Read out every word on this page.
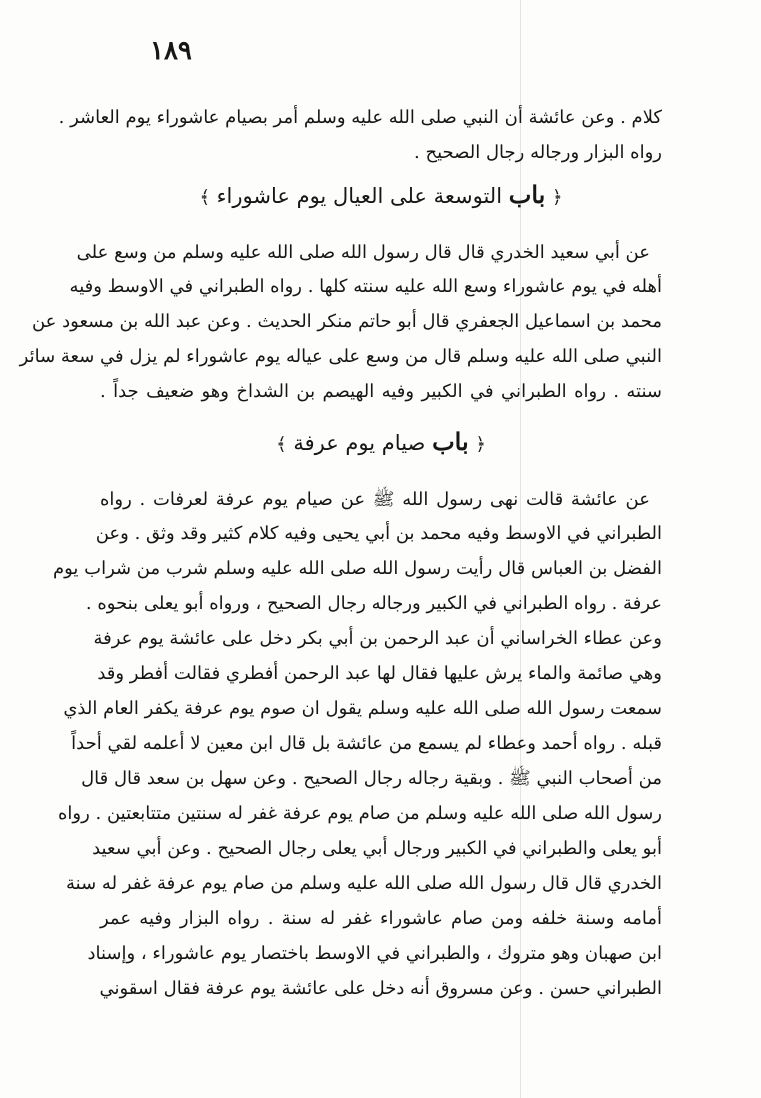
١٨٩
كلام . وعن عائشة أن النبي صلى الله عليه وسلم أمر بصيام عاشوراء يوم العاشر .
رواه البزار ورجاله رجال الصحيح .
﴿ باب التوسعة على العيال يوم عاشوراء ﴾
عن أبي سعيد الخدري قال قال رسول الله صلى الله عليه وسلم من وسع على
أهله في يوم عاشوراء وسع الله عليه سنته كلها . رواه الطبراني في الاوسط وفيه
محمد بن اسماعيل الجعفري قال أبو حاتم منكر الحديث . وعن عبد الله بن مسعود عن
النبي صلى الله عليه وسلم قال من وسع على عياله يوم عاشوراء لم يزل في سعة سائر
سنته . رواه الطبراني في الكبير وفيه الهيصم بن الشداخ وهو ضعيف جداً .
﴿ باب صيام يوم عرفة ﴾
عن عائشة قالت نهى رسول الله ﷺ عن صيام يوم عرفة لعرفات . رواه
الطبراني في الاوسط وفيه محمد بن أبي يحيى وفيه كلام كثير وقد وثق . وعن
الفضل بن العباس قال رأيت رسول الله صلى الله عليه وسلم شرب من شراب يوم
عرفة . رواه الطبراني في الكبير ورجاله رجال الصحيح ، ورواه أبو يعلى بنحوه .
وعن عطاء الخراساني أن عبد الرحمن بن أبي بكر دخل على عائشة يوم عرفة
وهي صائمة والماء يرش عليها فقال لها عبد الرحمن أفطري فقالت أفطر وقد
سمعت رسول الله صلى الله عليه وسلم يقول ان صوم يوم عرفة يكفر العام الذي
قبله . رواه أحمد وعطاء لم يسمع من عائشة بل قال ابن معين لا أعلمه لقي أحداً
من أصحاب النبي ﷺ . وبقية رجاله رجال الصحيح . وعن سهل بن سعد قال قال
رسول الله صلى الله عليه وسلم من صام يوم عرفة غفر له سنتين متتابعتين . رواه
أبو يعلى والطبراني في الكبير ورجال أبي يعلى رجال الصحيح . وعن أبي سعيد
الخدري قال قال رسول الله صلى الله عليه وسلم من صام يوم عرفة غفر له سنة
أمامه وسنة خلفه ومن صام عاشوراء غفر له سنة . رواه البزار وفيه عمر
ابن صهبان وهو متروك ، والطبراني في الاوسط باختصار يوم عاشوراء ، وإسناد
الطبراني حسن . وعن مسروق أنه دخل على عائشة يوم عرفة فقال اسقوني
